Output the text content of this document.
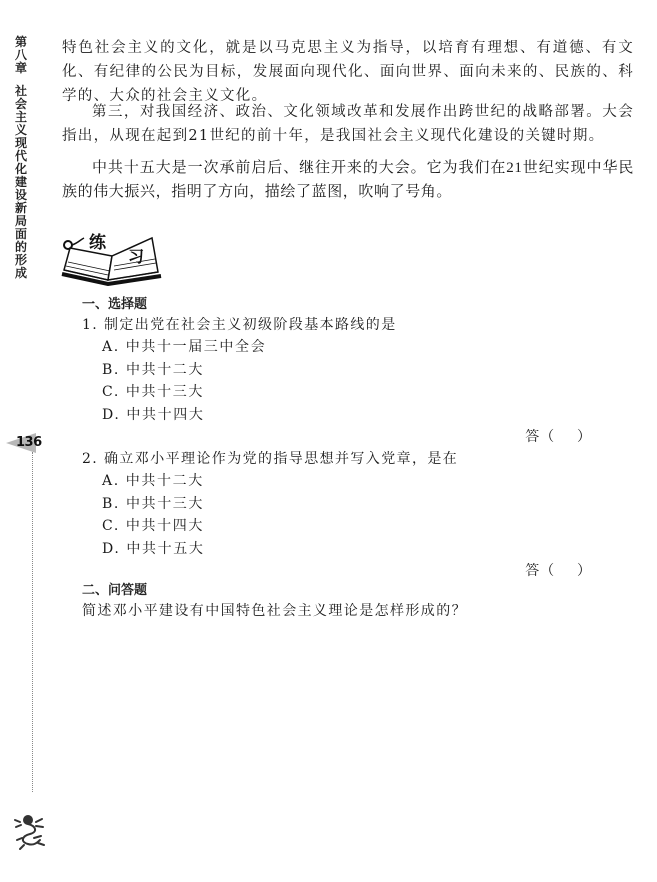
第八章
社会主义现代化建设新局面的形成
136

特色社会主义的文化，就是以马克思主义为指导，以培育有理想、有道德、有文化、有纪律的公民为目标，发展面向现代化、面向世界、面向未来的、民族的、科学的、大众的社会主义文化。

第三，对我国经济、政治、文化领域改革和发展作出跨世纪的战略部署。大会指出，从现在起到21世纪的前十年，是我国社会主义现代化建设的关键时期。

中共十五大是一次承前启后、继往开来的大会。它为我们在21世纪实现中华民族的伟大振兴，指明了方向，描绘了蓝图，吹响了号角。

练
习
一、选择题
1. 制定出党在社会主义初级阶段基本路线的是
A. 中共十一届三中全会
B. 中共十二大
C. 中共十三大
D. 中共十四大
答（    ）
2. 确立邓小平理论作为党的指导思想并写入党章，是在
A. 中共十二大
B. 中共十三大
C. 中共十四大
D. 中共十五大
答（    ）
二、问答题
简述邓小平建设有中国特色社会主义理论是怎样形成的？
